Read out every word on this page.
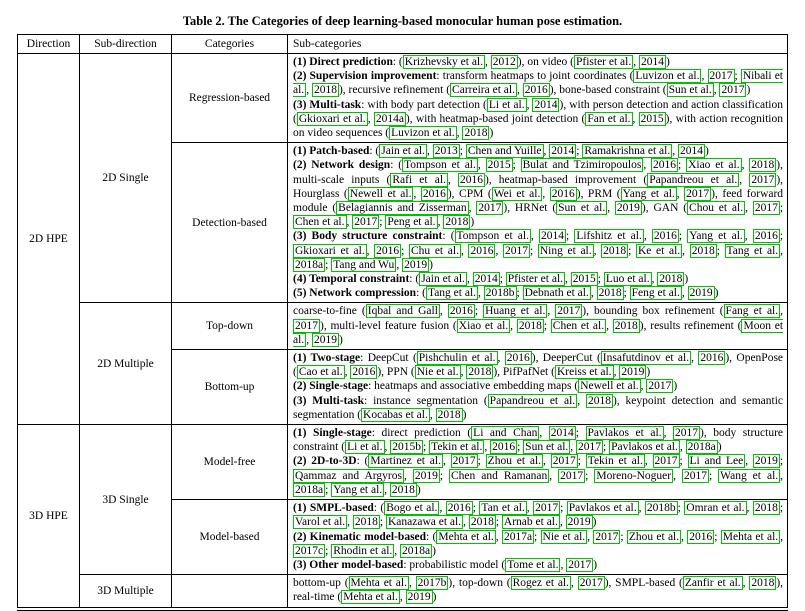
Table 2. The Categories of deep learning-based monocular human pose estimation.
Direction	Sub-direction	Categories	Sub-categories
2D HPE	2D Single	Regression-based	(1) Direct prediction: ( Krizhevsky et al. , 2012 ), on video ( Pfister et al. , 2014 )

(2) Supervision improvement: transform heatmaps to joint coordinates ( Luvizon et al. , 2017 ; Nibali et al. , 2018 ), recursive refinement ( Carreira et al. , 2016 ), bone-based constraint ( Sun et al. , 2017 )

(3) Multi-task: with body part detection ( Li et al. , 2014 ), with person detection and action classification ( Gkioxari et al. , 2014a ), with heatmap-based joint detection ( Fan et al. , 2015 ), with action recognition on video sequences ( Luvizon et al. , 2018 )

		Detection-based	(1) Patch-based: ( Jain et al. , 2013 ; Chen and Yuille , 2014 ; Ramakrishna et al. , 2014 )

(2) Network design: ( Tompson et al. , 2015 ; Bulat and Tzimiropoulos , 2016 ; Xiao et al. , 2018 ), multi-scale inputs ( Rafi et al. , 2016 ), heatmap-based improvement ( Papandreou et al. , 2017 ), Hourglass ( Newell et al. , 2016 ), CPM ( Wei et al. , 2016 ), PRM ( Yang et al. , 2017 ), feed forward module ( Belagiannis and Zisserman , 2017 ), HRNet ( Sun et al. , 2019 ), GAN ( Chou et al. , 2017 ; Chen et al. , 2017 ; Peng et al. , 2018 )

(3) Body structure constraint: ( Tompson et al. , 2014 ; Lifshitz et al. , 2016 ; Yang et al. , 2016 ; Gkioxari et al. , 2016 ; Chu et al. , 2016 , 2017 ; Ning et al. , 2018 ; Ke et al. , 2018 ; Tang et al. , 2018a ; Tang and Wu , 2019 )

(4) Temporal constraint: ( Jain et al. , 2014 ; Pfister et al. , 2015 ; Luo et al. , 2018 )

(5) Network compression: ( Tang et al. , 2018b ; Debnath et al. , 2018 ; Feng et al. , 2019 )

	2D Multiple	Top-down	coarse-to-fine ( Iqbal and Gall , 2016 ; Huang et al. , 2017 ), bounding box refinement ( Fang et al. , 2017 ), multi-level feature fusion ( Xiao et al. , 2018 ; Chen et al. , 2018 ), results refinement ( Moon et al. , 2019 )

		Bottom-up	(1) Two-stage: DeepCut ( Pishchulin et al. , 2016 ), DeeperCut ( Insafutdinov et al. , 2016 ), OpenPose ( Cao et al. , 2016 ), PPN ( Nie et al. , 2018 ), PifPafNet ( Kreiss et al. , 2019 )

(2) Single-stage: heatmaps and associative embedding maps ( Newell et al. , 2017 )

(3) Multi-task: instance segmentation ( Papandreou et al. , 2018 ), keypoint detection and semantic segmentation ( Kocabas et al. , 2018 )

3D HPE	3D Single	Model-free	(1) Single-stage: direct prediction ( Li and Chan , 2014 ; Pavlakos et al. , 2017 ), body structure constraint ( Li et al. , 2015b ; Tekin et al. , 2016 ; Sun et al. , 2017 ; Pavlakos et al. , 2018a )

(2) 2D-to-3D: ( Martinez et al. , 2017 ; Zhou et al. , 2017 ; Tekin et al. , 2017 ; Li and Lee , 2019 ; Qammaz and Argyros , 2019 ; Chen and Ramanan , 2017 ; Moreno-Noguer , 2017 ; Wang et al. , 2018a ; Yang et al. , 2018 )

		Model-based	(1) SMPL-based: ( Bogo et al. , 2016 ; Tan et al. , 2017 ; Pavlakos et al. , 2018b ; Omran et al. , 2018 ; Varol et al. , 2018 ; Kanazawa et al. , 2018 ; Arnab et al. , 2019 )

(2) Kinematic model-based: ( Mehta et al. , 2017a ; Nie et al. , 2017 ; Zhou et al. , 2016 ; Mehta et al. , 2017c ; Rhodin et al. , 2018a )

(3) Other model-based: probabilistic model ( Tome et al. , 2017 )

	3D Multiple		bottom-up ( Mehta et al. , 2017b ), top-down ( Rogez et al. , 2017 ), SMPL-based ( Zanfir et al. , 2018 ), real-time ( Mehta et al. , 2019 )
